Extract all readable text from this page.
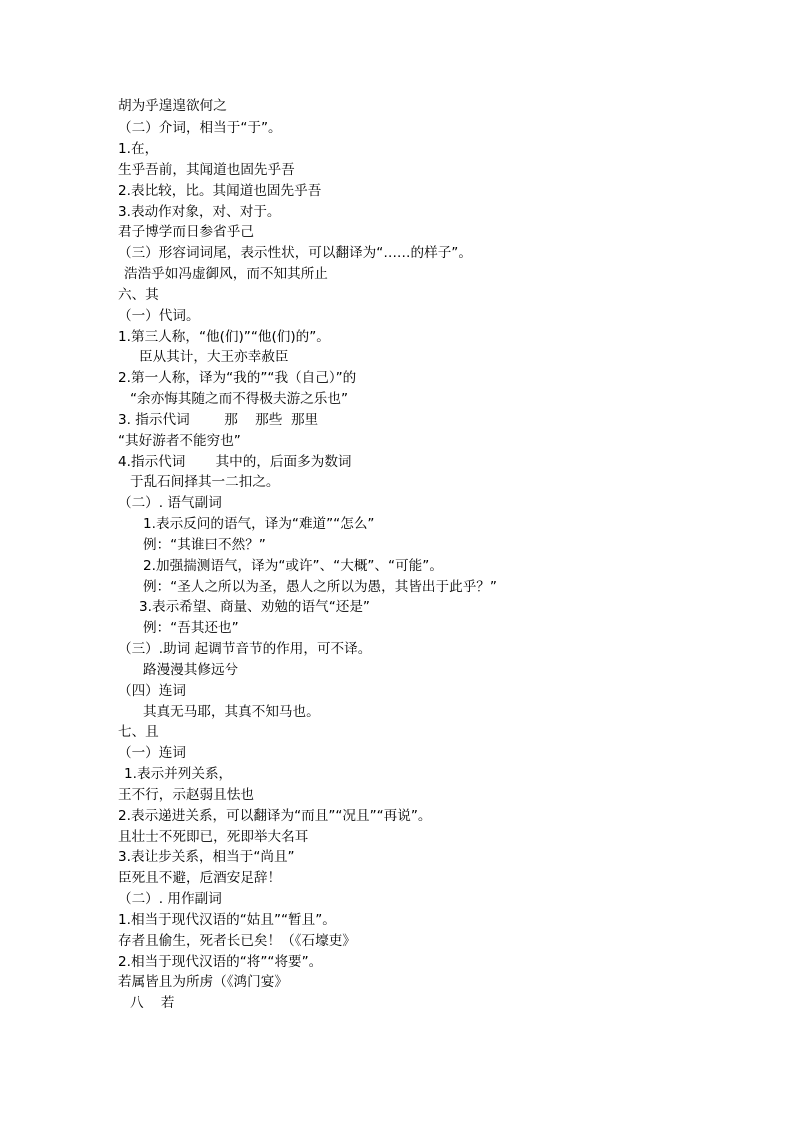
胡为乎遑遑欲何之
（二）介词，相当于“于”。
1.在，
生乎吾前，其闻道也固先乎吾
2.表比较，比。其闻道也固先乎吾
3.表动作对象，对、对于。
君子博学而日参省乎己
（三）形容词词尾，表示性状，可以翻译为“……的样子”。
浩浩乎如冯虚御风，而不知其所止
六、其
（一）代词。
1.第三人称，“他(们)”“他(们)的”。
臣从其计，大王亦幸赦臣
2.第一人称，译为“我的”“我（自己）”的
“余亦悔其随之而不得极夫游之乐也”
3. 指示代词        那    那些  那里
“其好游者不能穷也”
4.指示代词       其中的，后面多为数词
于乱石间择其一二扣之。
（二）. 语气副词
1.表示反问的语气，译为“难道”“怎么”
例：“其谁曰不然？”
2.加强揣测语气，译为“或许”、“大概”、“可能”。
例：“圣人之所以为圣，愚人之所以为愚，其皆出于此乎？”
3.表示希望、商量、劝勉的语气“还是”
例：“吾其还也”
（三）.助词 起调节音节的作用，可不译。
路漫漫其修远兮
（四）连词
其真无马耶，其真不知马也。
七、且
（一）连词
1.表示并列关系，
王不行，示赵弱且怯也
2.表示递进关系，可以翻译为“而且”“况且”“再说”。
且壮士不死即已，死即举大名耳
3.表让步关系，相当于“尚且”
臣死且不避，卮酒安足辞！
（二）. 用作副词
1.相当于现代汉语的“姑且”“暂且”。
存者且偷生，死者长已矣！（《石壕吏》
2.相当于现代汉语的“将”“将要”。
若属皆且为所虏（《鸿门宴》
八    若
